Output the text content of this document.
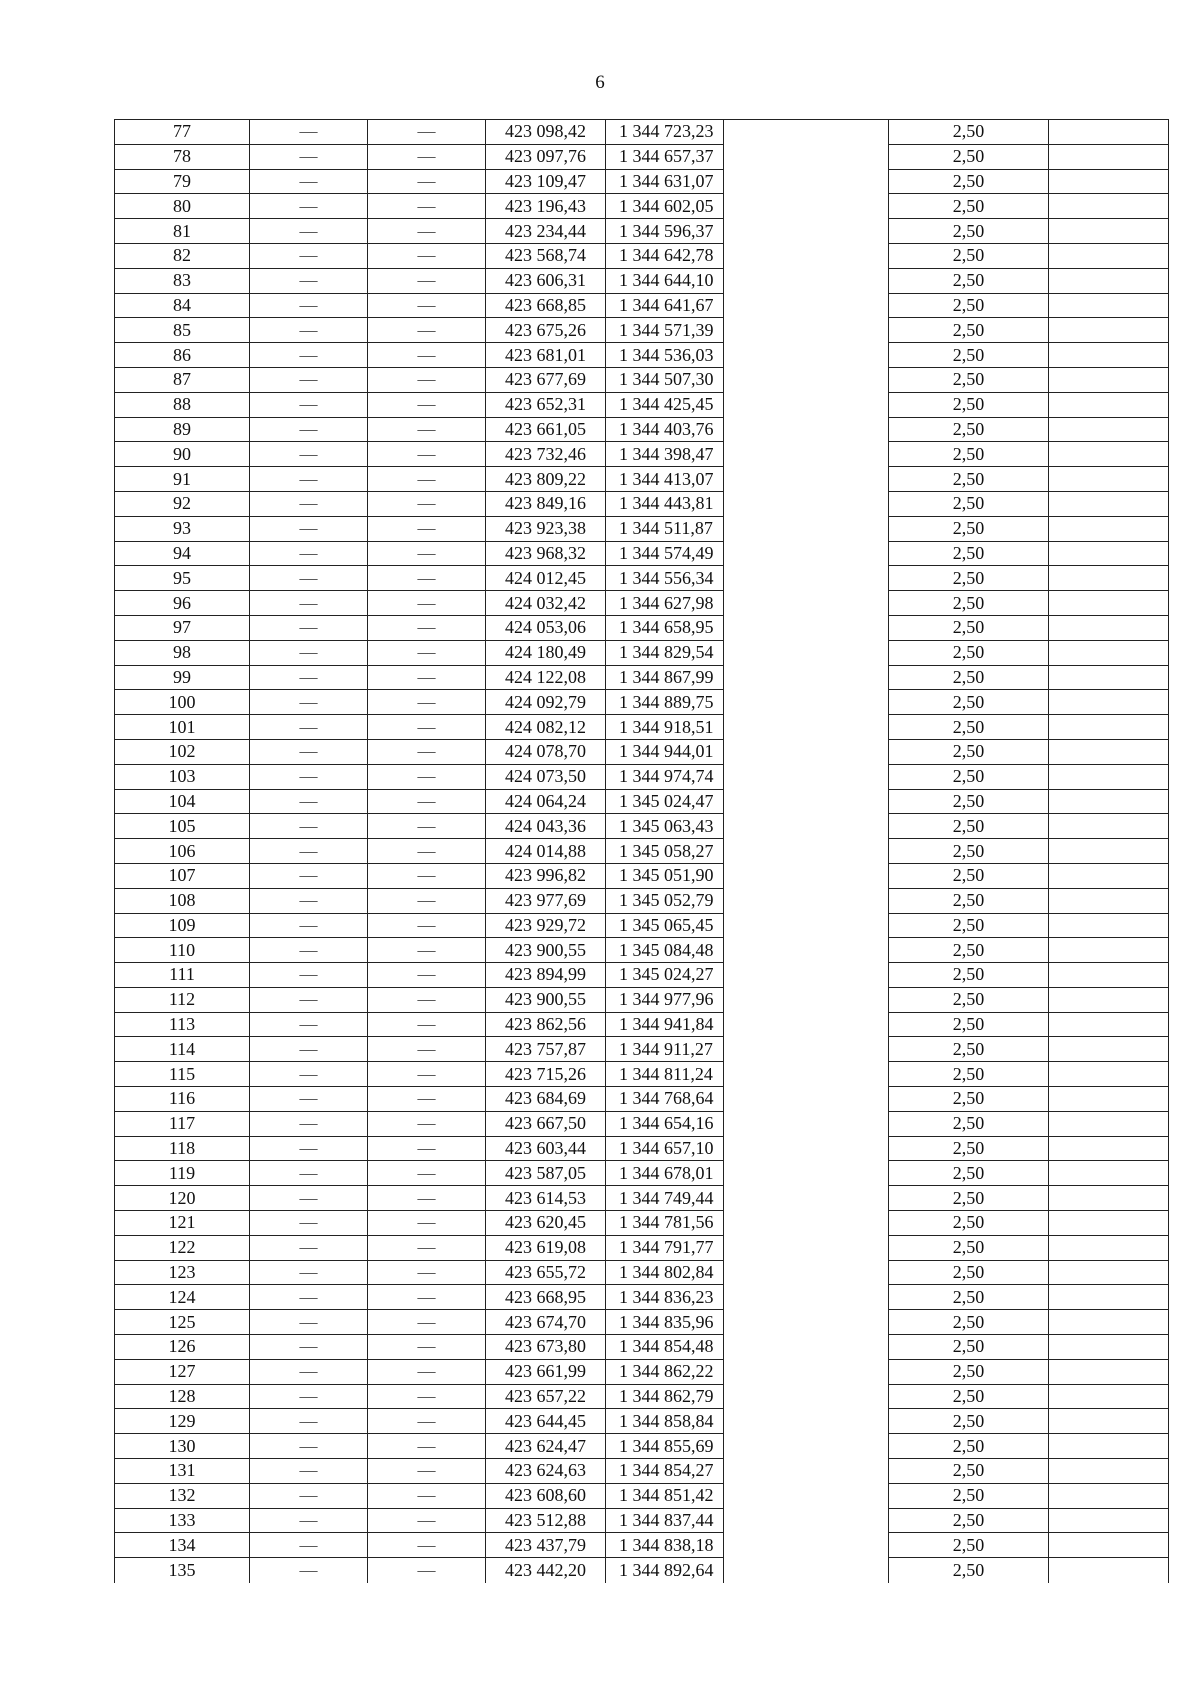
6
77	—	—	423 098,42	1 344 723,23		2,50	
78	—	—	423 097,76	1 344 657,37		2,50	
79	—	—	423 109,47	1 344 631,07		2,50	
80	—	—	423 196,43	1 344 602,05		2,50	
81	—	—	423 234,44	1 344 596,37		2,50	
82	—	—	423 568,74	1 344 642,78		2,50	
83	—	—	423 606,31	1 344 644,10		2,50	
84	—	—	423 668,85	1 344 641,67		2,50	
85	—	—	423 675,26	1 344 571,39		2,50	
86	—	—	423 681,01	1 344 536,03		2,50	
87	—	—	423 677,69	1 344 507,30		2,50	
88	—	—	423 652,31	1 344 425,45		2,50	
89	—	—	423 661,05	1 344 403,76		2,50	
90	—	—	423 732,46	1 344 398,47		2,50	
91	—	—	423 809,22	1 344 413,07		2,50	
92	—	—	423 849,16	1 344 443,81		2,50	
93	—	—	423 923,38	1 344 511,87		2,50	
94	—	—	423 968,32	1 344 574,49		2,50	
95	—	—	424 012,45	1 344 556,34		2,50	
96	—	—	424 032,42	1 344 627,98		2,50	
97	—	—	424 053,06	1 344 658,95		2,50	
98	—	—	424 180,49	1 344 829,54		2,50	
99	—	—	424 122,08	1 344 867,99		2,50	
100	—	—	424 092,79	1 344 889,75		2,50	
101	—	—	424 082,12	1 344 918,51		2,50	
102	—	—	424 078,70	1 344 944,01		2,50	
103	—	—	424 073,50	1 344 974,74		2,50	
104	—	—	424 064,24	1 345 024,47		2,50	
105	—	—	424 043,36	1 345 063,43		2,50	
106	—	—	424 014,88	1 345 058,27		2,50	
107	—	—	423 996,82	1 345 051,90		2,50	
108	—	—	423 977,69	1 345 052,79		2,50	
109	—	—	423 929,72	1 345 065,45		2,50	
110	—	—	423 900,55	1 345 084,48		2,50	
111	—	—	423 894,99	1 345 024,27		2,50	
112	—	—	423 900,55	1 344 977,96		2,50	
113	—	—	423 862,56	1 344 941,84		2,50	
114	—	—	423 757,87	1 344 911,27		2,50	
115	—	—	423 715,26	1 344 811,24		2,50	
116	—	—	423 684,69	1 344 768,64		2,50	
117	—	—	423 667,50	1 344 654,16		2,50	
118	—	—	423 603,44	1 344 657,10		2,50	
119	—	—	423 587,05	1 344 678,01		2,50	
120	—	—	423 614,53	1 344 749,44		2,50	
121	—	—	423 620,45	1 344 781,56		2,50	
122	—	—	423 619,08	1 344 791,77		2,50	
123	—	—	423 655,72	1 344 802,84		2,50	
124	—	—	423 668,95	1 344 836,23		2,50	
125	—	—	423 674,70	1 344 835,96		2,50	
126	—	—	423 673,80	1 344 854,48		2,50	
127	—	—	423 661,99	1 344 862,22		2,50	
128	—	—	423 657,22	1 344 862,79		2,50	
129	—	—	423 644,45	1 344 858,84		2,50	
130	—	—	423 624,47	1 344 855,69		2,50	
131	—	—	423 624,63	1 344 854,27		2,50	
132	—	—	423 608,60	1 344 851,42		2,50	
133	—	—	423 512,88	1 344 837,44		2,50	
134	—	—	423 437,79	1 344 838,18		2,50	
135	—	—	423 442,20	1 344 892,64		2,50	
